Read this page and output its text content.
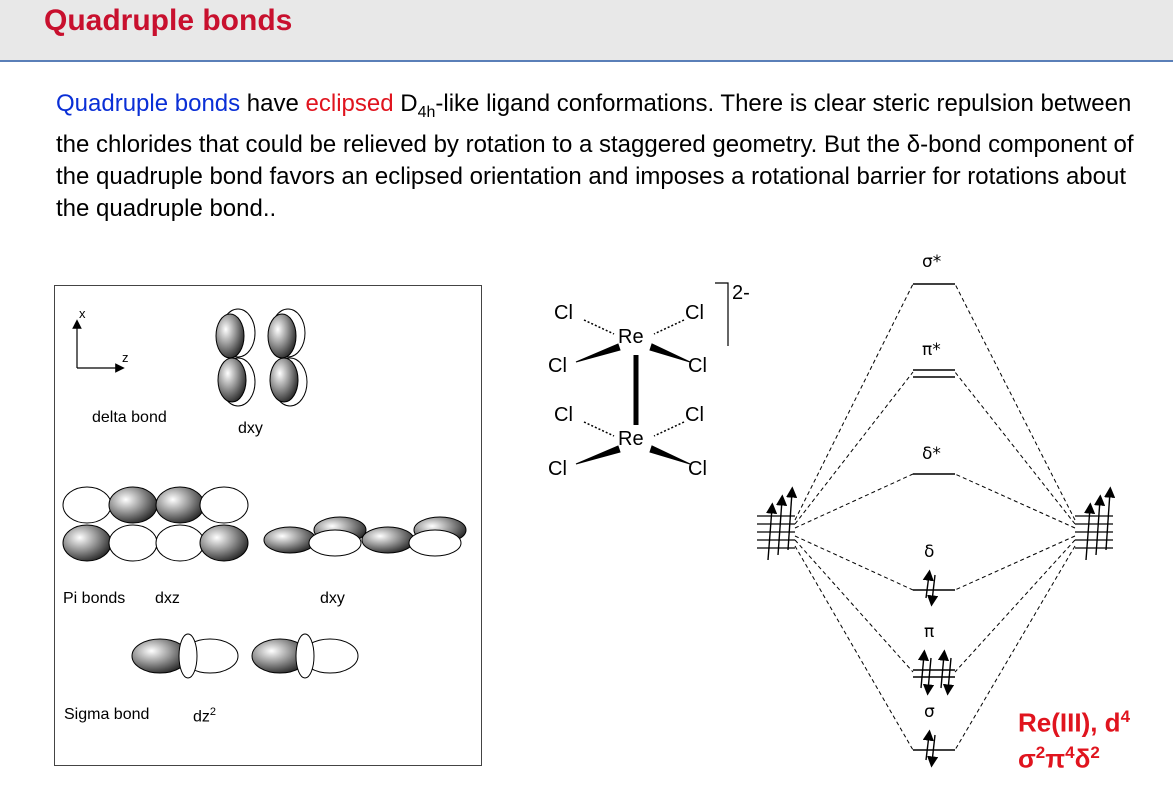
Quadruple bonds
Quadruple bonds have eclipsed $D_{4h}$-like ligand conformations. There is clear steric repulsion between the chlorides that could be relieved by rotation to a staggered geometry. But the δ-bond component of the quadruple bond favors an eclipsed orientation and imposes a rotational barrier for rotations about the quadruple bond..
x
z
delta bond
dxy
Pi bonds dxz	dxy
Sigma bond	$dz^2$
Cl	Cl
Cl	Cl
Re
Cl	Cl
Cl	Cl
Re
2-
σ*
π*
δ*
δ
π
σ	Re(III), $d^4$
$\sigma^2\pi^4\delta^2$
